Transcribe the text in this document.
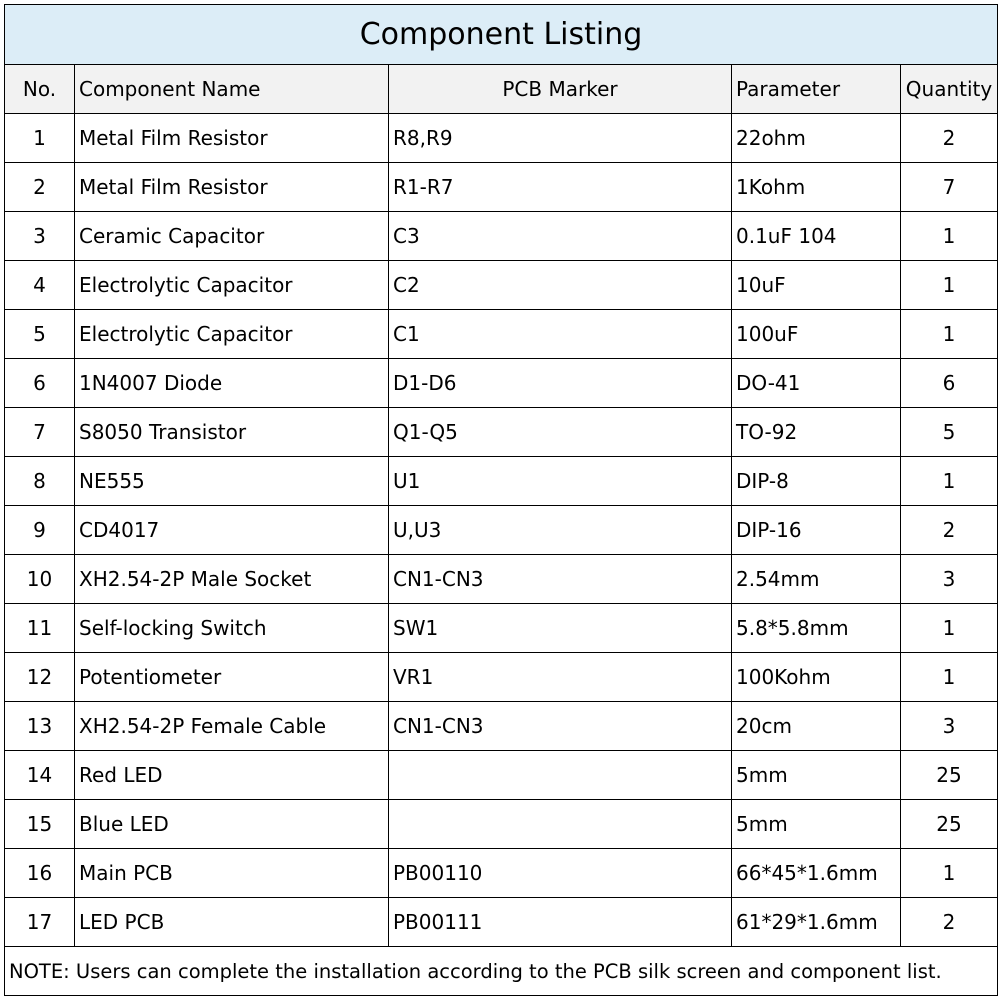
Component Listing				
No.	Component Name	PCB Marker	Parameter	Quantity
1	Metal Film Resistor	R8,R9	22ohm	2
2	Metal Film Resistor	R1-R7	1Kohm	7
3	Ceramic Capacitor	C3	0.1uF 104	1
4	Electrolytic Capacitor	C2	10uF	1
5	Electrolytic Capacitor	C1	100uF	1
6	1N4007 Diode	D1-D6	DO-41	6
7	S8050 Transistor	Q1-Q5	TO-92	5
8	NE555	U1	DIP-8	1
9	CD4017	U,U3	DIP-16	2
10	XH2.54-2P Male Socket	CN1-CN3	2.54mm	3
11	Self-locking Switch	SW1	5.8*5.8mm	1
12	Potentiometer	VR1	100Kohm	1
13	XH2.54-2P Female Cable	CN1-CN3	20cm	3
14	Red LED		5mm	25
15	Blue LED		5mm	25
16	Main PCB	PB00110	66*45*1.6mm	1
17	LED PCB	PB00111	61*29*1.6mm	2
NOTE: Users can complete the installation according to the PCB silk screen and component list.				
